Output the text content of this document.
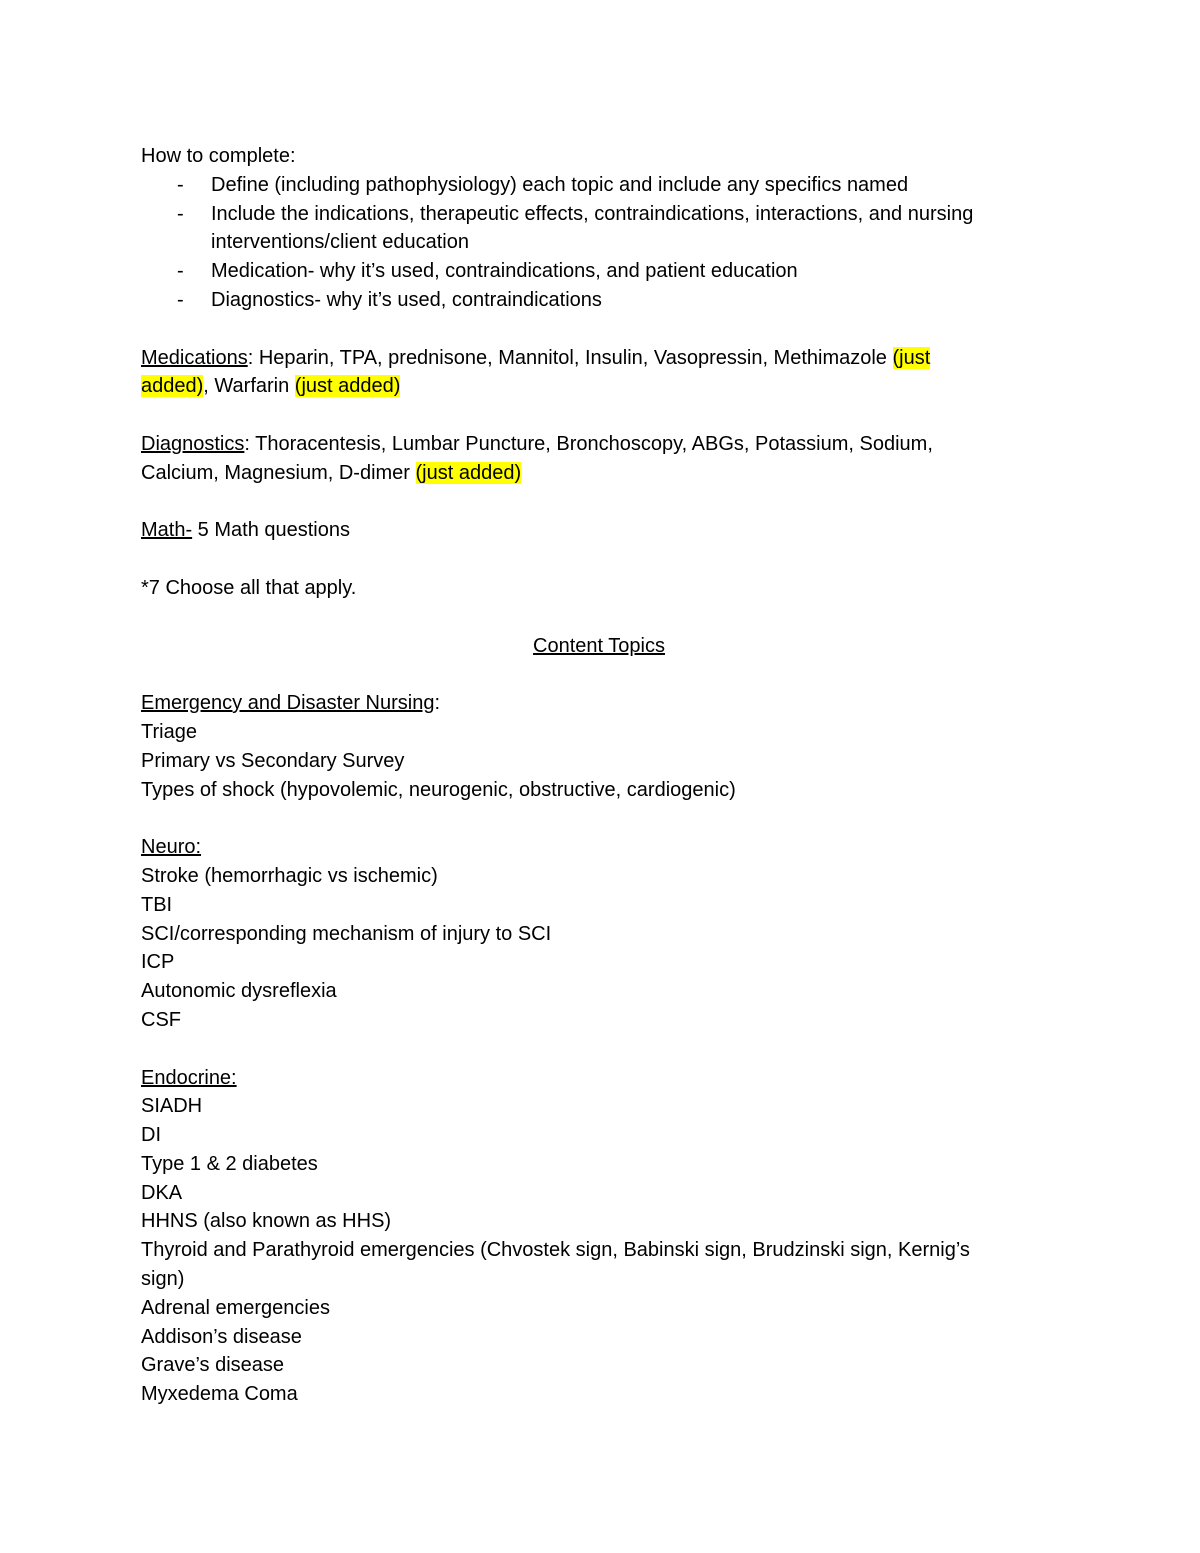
How to complete:
- Define (including pathophysiology) each topic and include any specifics named
- Include the indications, therapeutic effects, contraindications, interactions, and nursing interventions/client education
- Medication- why it’s used, contraindications, and patient education
- Diagnostics- why it’s used, contraindications
Medications: Heparin, TPA, prednisone, Mannitol, Insulin, Vasopressin, Methimazole (just
added), Warfarin (just added)
Diagnostics: Thoracentesis, Lumbar Puncture, Bronchoscopy, ABGs, Potassium, Sodium,
Calcium, Magnesium, D-dimer (just added)
Math- 5 Math questions
*7 Choose all that apply.
Content Topics
Emergency and Disaster Nursing:
Triage
Primary vs Secondary Survey
Types of shock (hypovolemic, neurogenic, obstructive, cardiogenic)
Neuro:
Stroke (hemorrhagic vs ischemic)
TBI
SCI/corresponding mechanism of injury to SCI
ICP
Autonomic dysreflexia
CSF
Endocrine:
SIADH
DI
Type 1 & 2 diabetes
DKA
HHNS (also known as HHS)
Thyroid and Parathyroid emergencies (Chvostek sign, Babinski sign, Brudzinski sign, Kernig’s
sign)
Adrenal emergencies
Addison’s disease
Grave’s disease
Myxedema Coma
